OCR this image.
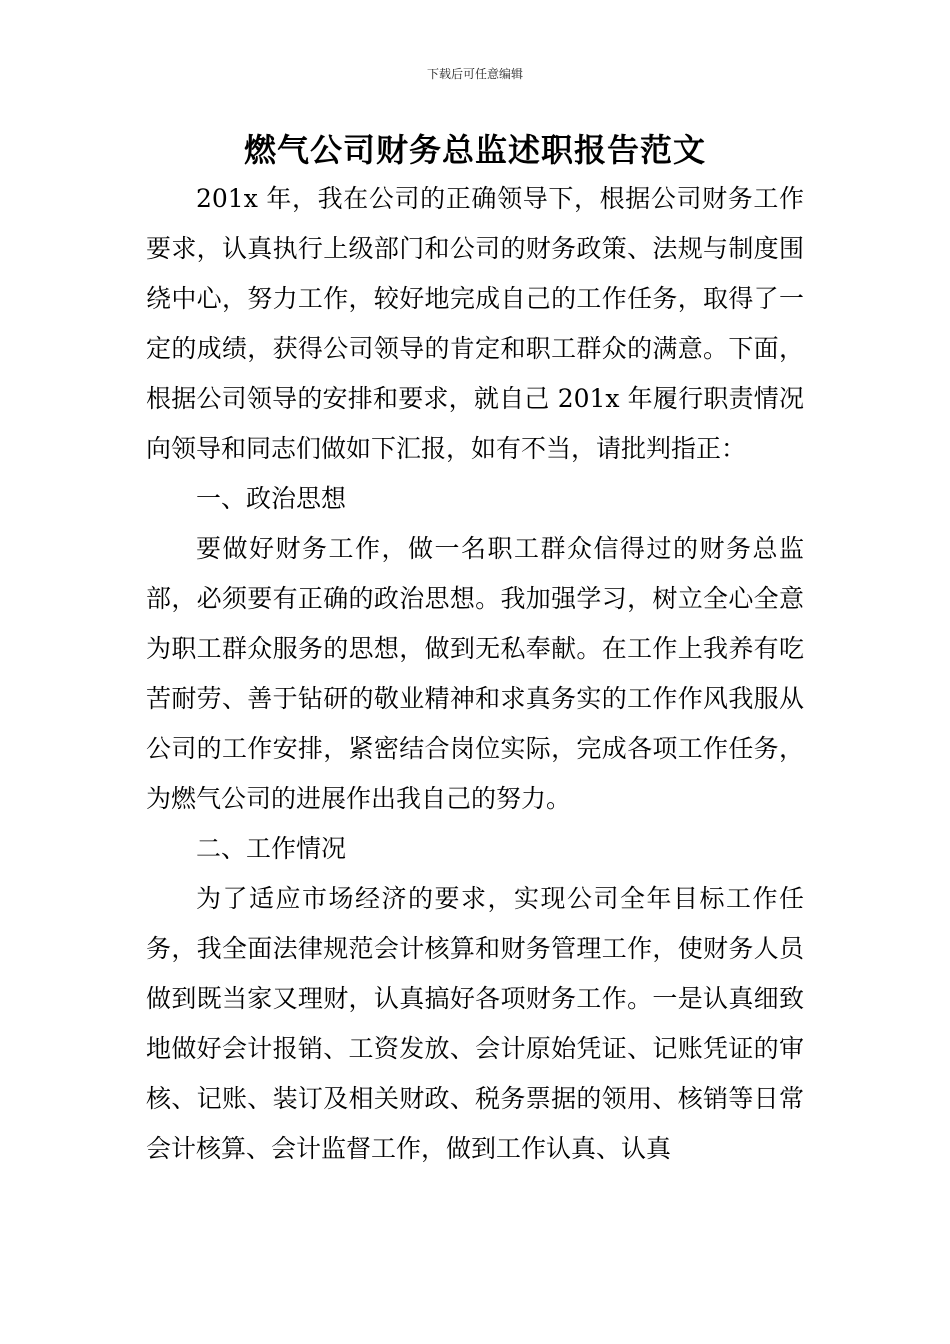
下载后可任意编辑
燃气公司财务总监述职报告范文

201x 年，我在公司的正确领导下，根据公司财务工作要求，认真执行上级部门和公司的财务政策、法规与制度围绕中心，努力工作，较好地完成自己的工作任务，取得了一定的成绩，获得公司领导的肯定和职工群众的满意。下面，根据公司领导的安排和要求，就自己 201x 年履行职责情况向领导和同志们做如下汇报，如有不当，请批判指正：

一、政治思想

要做好财务工作，做一名职工群众信得过的财务总监部，必须要有正确的政治思想。我加强学习，树立全心全意为职工群众服务的思想，做到无私奉献。在工作上我养有吃苦耐劳、善于钻研的敬业精神和求真务实的工作作风我服从公司的工作安排，紧密结合岗位实际，完成各项工作任务，为燃气公司的进展作出我自己的努力。

二、工作情况

为了适应市场经济的要求，实现公司全年目标工作任务，我全面法律规范会计核算和财务管理工作，使财务人员做到既当家又理财，认真搞好各项财务工作。一是认真细致地做好会计报销、工资发放、会计原始凭证、记账凭证的审核、记账、装订及相关财政、税务票据的领用、核销等日常会计核算、会计监督工作，做到工作认真、认真
